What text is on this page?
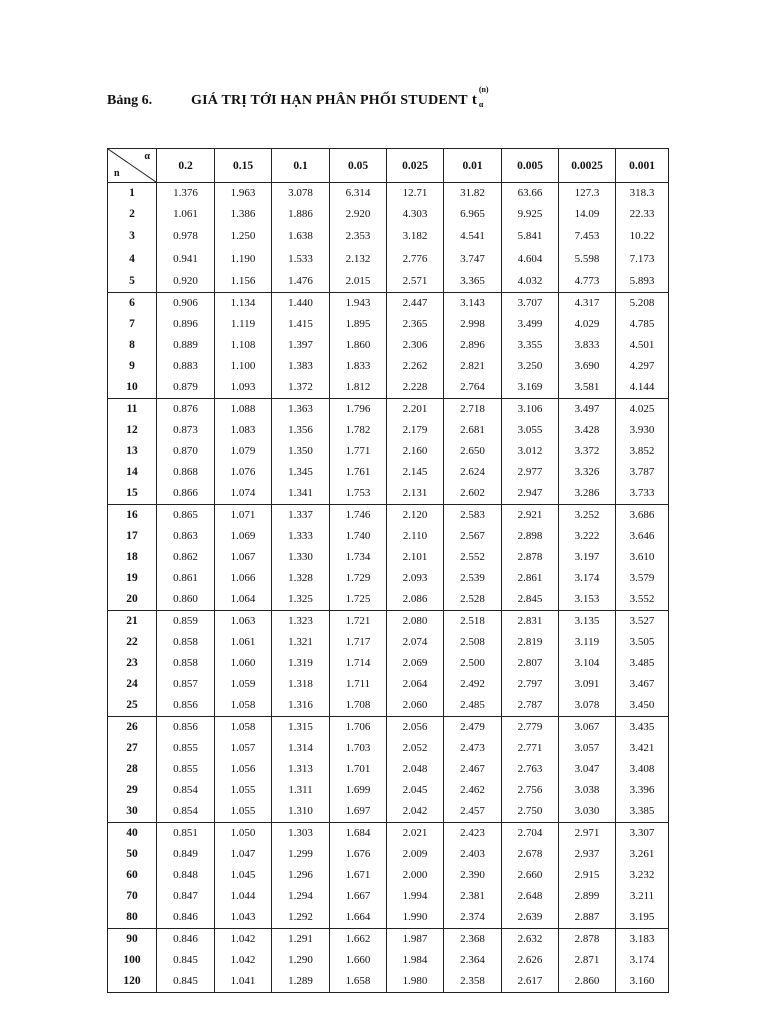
Bảng 6.	GIÁ TRỊ TỚI HẠN PHÂN PHỐI STUDENT t
(n)
α
α
n	0.2	0.15	0.1	0.05	0.025	0.01	0.005	0.0025	0.001
1	1.376	1.963	3.078	6.314	12.71	31.82	63.66	127.3	318.3
2	1.061	1.386	1.886	2.920	4.303	6.965	9.925	14.09	22.33
3	0.978	1.250	1.638	2.353	3.182	4.541	5.841	7.453	10.22
4	0.941	1.190	1.533	2.132	2.776	3.747	4.604	5.598	7.173
5	0.920	1.156	1.476	2.015	2.571	3.365	4.032	4.773	5.893
6	0.906	1.134	1.440	1.943	2.447	3.143	3.707	4.317	5.208
7	0.896	1.119	1.415	1.895	2.365	2.998	3.499	4.029	4.785
8	0.889	1.108	1.397	1.860	2.306	2.896	3.355	3.833	4.501
9	0.883	1.100	1.383	1.833	2.262	2.821	3.250	3.690	4.297
10	0.879	1.093	1.372	1.812	2.228	2.764	3.169	3.581	4.144
11	0.876	1.088	1.363	1.796	2.201	2.718	3.106	3.497	4.025
12	0.873	1.083	1.356	1.782	2.179	2.681	3.055	3.428	3.930
13	0.870	1.079	1.350	1.771	2.160	2.650	3.012	3.372	3.852
14	0.868	1.076	1.345	1.761	2.145	2.624	2.977	3.326	3.787
15	0.866	1.074	1.341	1.753	2.131	2.602	2.947	3.286	3.733
16	0.865	1.071	1.337	1.746	2.120	2.583	2.921	3.252	3.686
17	0.863	1.069	1.333	1.740	2.110	2.567	2.898	3.222	3.646
18	0.862	1.067	1.330	1.734	2.101	2.552	2.878	3.197	3.610
19	0.861	1.066	1.328	1.729	2.093	2.539	2.861	3.174	3.579
20	0.860	1.064	1.325	1.725	2.086	2.528	2.845	3.153	3.552
21	0.859	1.063	1.323	1.721	2.080	2.518	2.831	3.135	3.527
22	0.858	1.061	1.321	1.717	2.074	2.508	2.819	3.119	3.505
23	0.858	1.060	1.319	1.714	2.069	2.500	2.807	3.104	3.485
24	0.857	1.059	1.318	1.711	2.064	2.492	2.797	3.091	3.467
25	0.856	1.058	1.316	1.708	2.060	2.485	2.787	3.078	3.450
26	0.856	1.058	1.315	1.706	2.056	2.479	2.779	3.067	3.435
27	0.855	1.057	1.314	1.703	2.052	2.473	2.771	3.057	3.421
28	0.855	1.056	1.313	1.701	2.048	2.467	2.763	3.047	3.408
29	0.854	1.055	1.311	1.699	2.045	2.462	2.756	3.038	3.396
30	0.854	1.055	1.310	1.697	2.042	2.457	2.750	3.030	3.385
40	0.851	1.050	1.303	1.684	2.021	2.423	2.704	2.971	3.307
50	0.849	1.047	1.299	1.676	2.009	2.403	2.678	2.937	3.261
60	0.848	1.045	1.296	1.671	2.000	2.390	2.660	2.915	3.232
70	0.847	1.044	1.294	1.667	1.994	2.381	2.648	2.899	3.211
80	0.846	1.043	1.292	1.664	1.990	2.374	2.639	2.887	3.195
90	0.846	1.042	1.291	1.662	1.987	2.368	2.632	2.878	3.183
100	0.845	1.042	1.290	1.660	1.984	2.364	2.626	2.871	3.174
120	0.845	1.041	1.289	1.658	1.980	2.358	2.617	2.860	3.160
